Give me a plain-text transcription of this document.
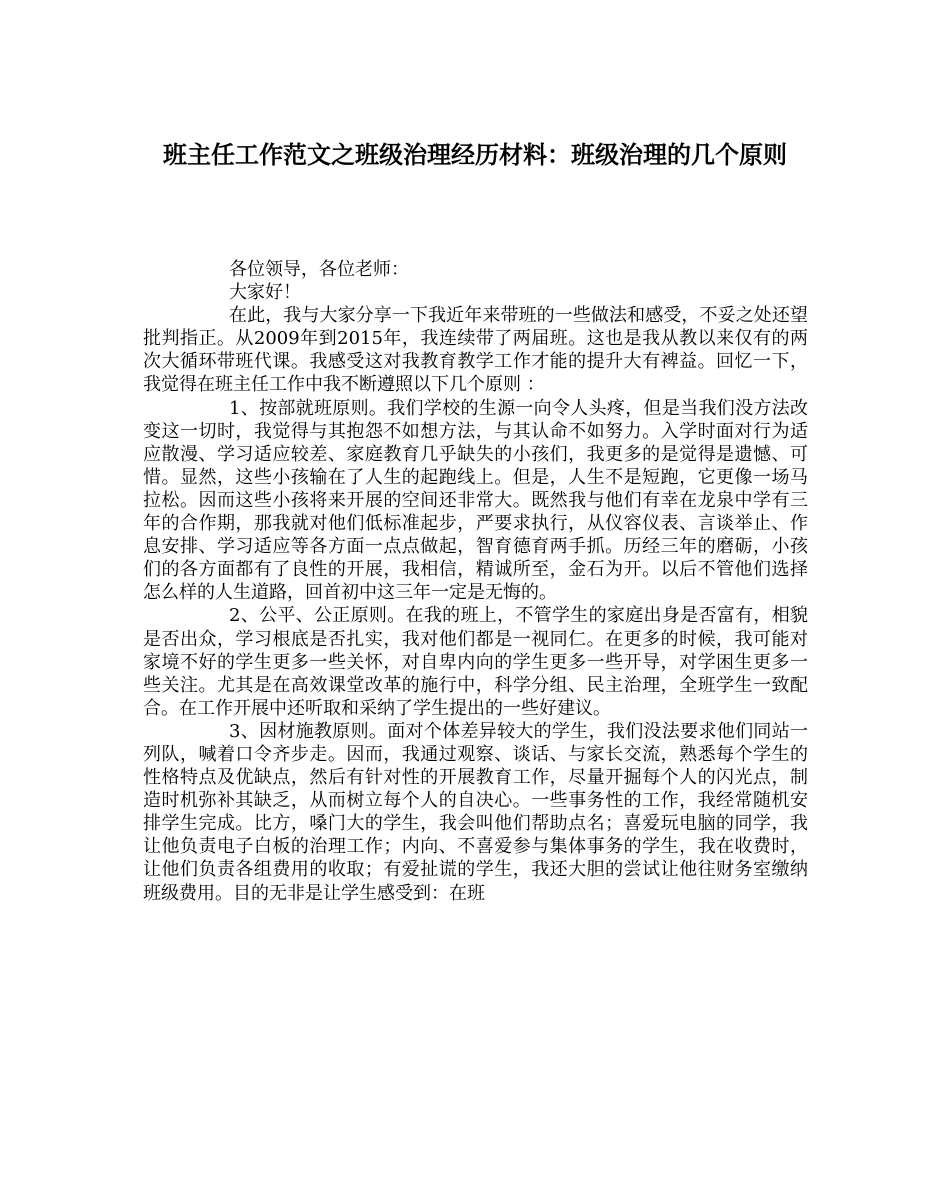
班主任工作范文之班级治理经历材料：班级治理的几个原则

各位领导，各位老师：

大家好！

在此，我与大家分享一下我近年来带班的一些做法和感受，不妥之处还望批判指正。从2009年到2015年，我连续带了两届班。这也是我从教以来仅有的两次大循环带班代课。我感受这对我教育教学工作才能的提升大有裨益。回忆一下，我觉得在班主任工作中我不断遵照以下几个原则 ：

1、按部就班原则。我们学校的生源一向令人头疼，但是当我们没方法改变这一切时，我觉得与其抱怨不如想方法，与其认命不如努力。入学时面对行为适应散漫、学习适应较差、家庭教育几乎缺失的小孩们，我更多的是觉得是遗憾、可惜。显然，这些小孩输在了人生的起跑线上。但是，人生不是短跑，它更像一场马拉松。因而这些小孩将来开展的空间还非常大。既然我与他们有幸在龙泉中学有三年的合作期，那我就对他们低标准起步，严要求执行，从仪容仪表、言谈举止、作息安排、学习适应等各方面一点点做起，智育德育两手抓。历经三年的磨砺，小孩们的各方面都有了良性的开展，我相信，精诚所至，金石为开。以后不管他们选择怎么样的人生道路，回首初中这三年一定是无悔的。

2、公平、公正原则。在我的班上，不管学生的家庭出身是否富有，相貌是否出众，学习根底是否扎实，我对他们都是一视同仁。在更多的时候，我可能对家境不好的学生更多一些关怀，对自卑内向的学生更多一些开导，对学困生更多一些关注。尤其是在高效课堂改革的施行中，科学分组、民主治理，全班学生一致配合。在工作开展中还听取和采纳了学生提出的一些好建议。

3、因材施教原则。面对个体差异较大的学生，我们没法要求他们同站一列队，喊着口令齐步走。因而，我通过观察、谈话、与家长交流，熟悉每个学生的性格特点及优缺点，然后有针对性的开展教育工作，尽量开掘每个人的闪光点，制造时机弥补其缺乏，从而树立每个人的自决心。一些事务性的工作，我经常随机安排学生完成。比方，嗓门大的学生，我会叫他们帮助点名；喜爱玩电脑的同学，我让他负责电子白板的治理工作；内向、不喜爱参与集体事务的学生，我在收费时，让他们负责各组费用的收取；有爱扯谎的学生，我还大胆的尝试让他往财务室缴纳班级费用。目的无非是让学生感受到：在班
